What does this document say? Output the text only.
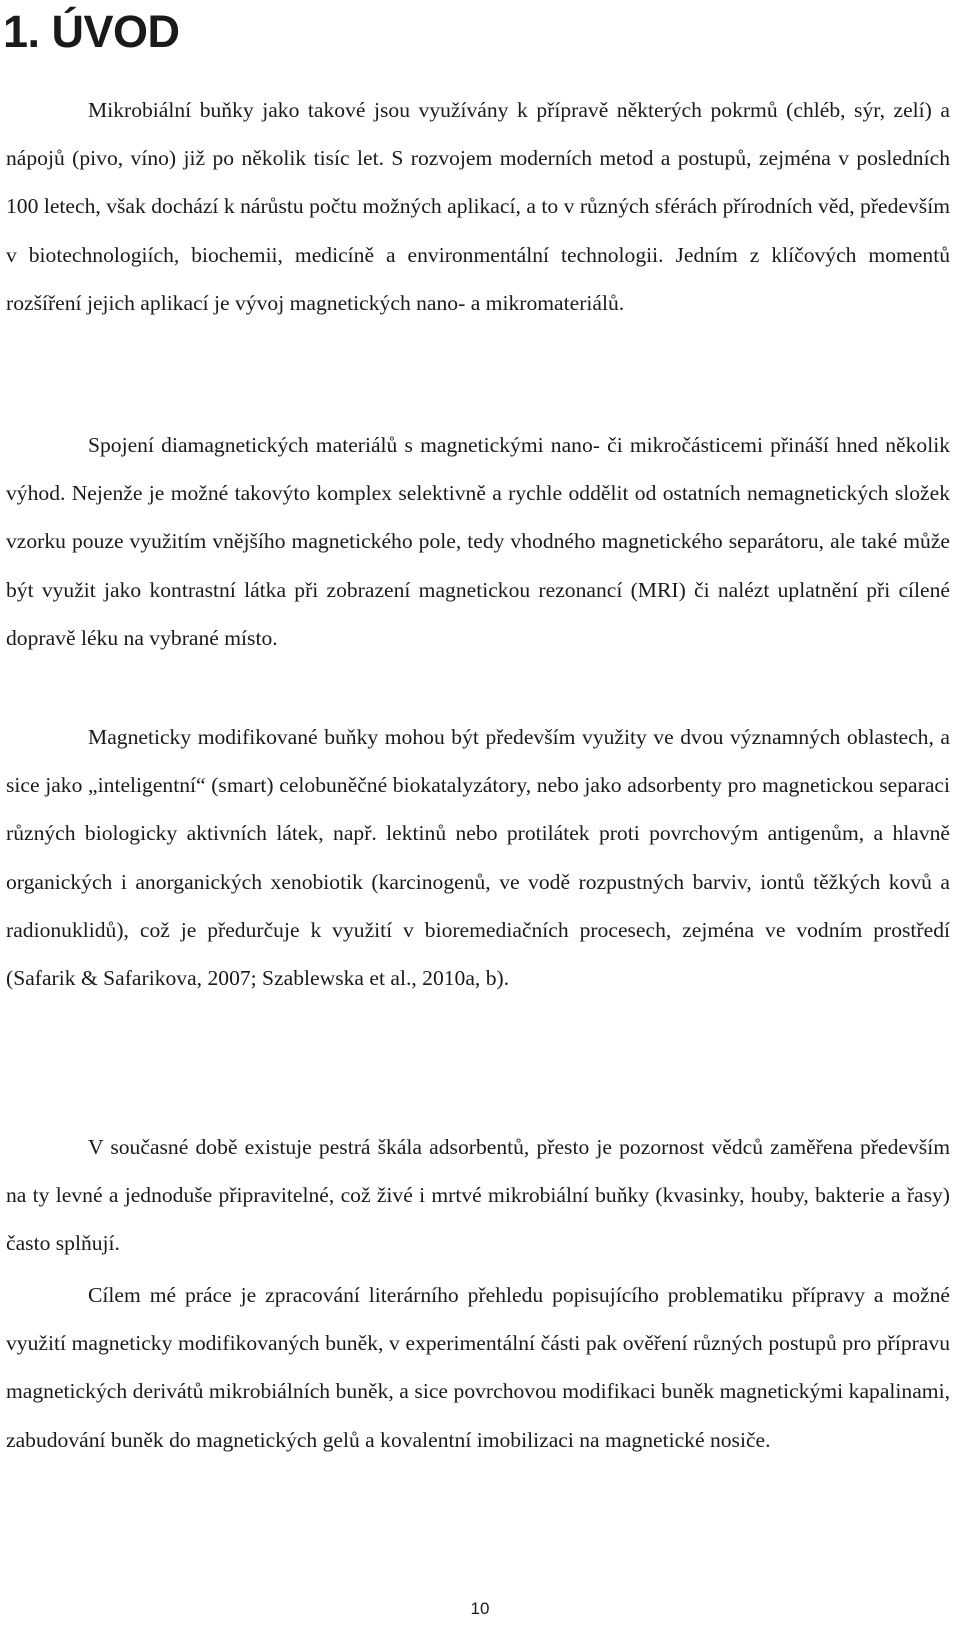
1. ÚVOD

Mikrobiální buňky jako takové jsou využívány k přípravě některých pokrmů (chléb, sýr, zelí) a nápojů (pivo, víno) již po několik tisíc let. S rozvojem moderních metod a postupů, zejména v posledních 100 letech, však dochází k nárůstu počtu možných aplikací, a to v různých sférách přírodních věd, především v biotechnologiích, biochemii, medicíně a environmentální technologii. Jedním z klíčových momentů rozšíření jejich aplikací je vývoj magnetických nano- a mikromateriálů.

Spojení diamagnetických materiálů s magnetickými nano- či mikročásticemi přináší hned několik výhod. Nejenže je možné takovýto komplex selektivně a rychle oddělit od ostatních nemagnetických složek vzorku pouze využitím vnějšího magnetického pole, tedy vhodného magnetického separátoru, ale také může být využit jako kontrastní látka při zobrazení magnetickou rezonancí (MRI) či nalézt uplatnění při cílené dopravě léku na vybrané místo.

Magneticky modifikované buňky mohou být především využity ve dvou významných oblastech, a sice jako „inteligentní“ (smart) celobuněčné biokatalyzátory, nebo jako adsorbenty pro magnetickou separaci různých biologicky aktivních látek, např. lektinů nebo protilátek proti povrchovým antigenům, a hlavně organických i anorganických xenobiotik (karcinogenů, ve vodě rozpustných barviv, iontů těžkých kovů a radionuklidů), což je předurčuje k využití v bioremediačních procesech, zejména ve vodním prostředí (Safarik & Safarikova, 2007; Szablewska et al., 2010a, b).

V současné době existuje pestrá škála adsorbentů, přesto je pozornost vědců zaměřena především na ty levné a jednoduše připravitelné, což živé i mrtvé mikrobiální buňky (kvasinky, houby, bakterie a řasy) často splňují.

Cílem mé práce je zpracování literárního přehledu popisujícího problematiku přípravy a možné využití magneticky modifikovaných buněk, v experimentální části pak ověření různých postupů pro přípravu magnetických derivátů mikrobiálních buněk, a sice povrchovou modifikaci buněk magnetickými kapalinami, zabudování buněk do magnetických gelů a kovalentní imobilizaci na magnetické nosiče.

10
